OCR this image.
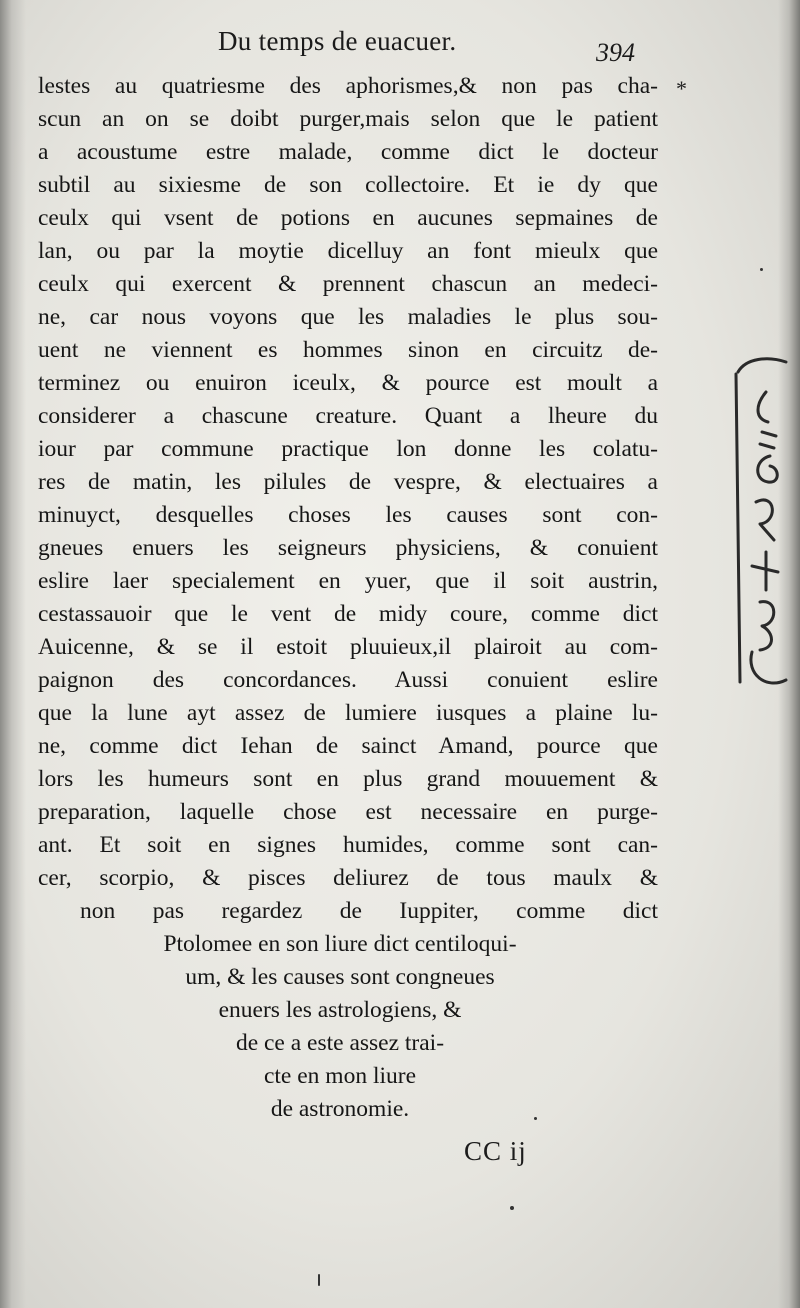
Du temps de euacuer.	394
*
lestes au quatriesme des aphorismes,& non pas cha-
scun an on se doibt purger,mais selon que le patient
a acoustume estre malade, comme dict le docteur
subtil au sixiesme de son collectoire. Et ie dy que
ceulx qui vsent de potions en aucunes sepmaines de
lan, ou par la moytie dicelluy an font mieulx que
ceulx qui exercent & prennent chascun an medeci-
ne, car nous voyons que les maladies le plus sou-
uent ne viennent es hommes sinon en circuitz de-
terminez ou enuiron iceulx, & pource est moult a
considerer a chascune creature. Quant a lheure du
iour par commune practique lon donne les colatu-
res de matin, les pilules de vespre, & electuaires a
minuyct, desquelles choses les causes sont con-
gneues enuers les seigneurs physiciens, & conuient
eslire laer specialement en yuer, que il soit austrin,
cestassauoir que le vent de midy coure, comme dict
Auicenne, & se il estoit pluuieux,il plairoit au com-
paignon des concordances. Aussi conuient eslire
que la lune ayt assez de lumiere iusques a plaine lu-
ne, comme dict Iehan de sainct Amand, pource que
lors les humeurs sont en plus grand mouuement &
preparation, laquelle chose est necessaire en purge-
ant. Et soit en signes humides, comme sont can-
cer, scorpio, & pisces deliurez de tous maulx &
non pas regardez de Iuppiter, comme dict
Ptolomee en son liure dict centiloqui-
um, & les causes sont congneues
enuers les astrologiens, &
de ce a este assez trai-
cte en mon liure
de astronomie.
CC ij
